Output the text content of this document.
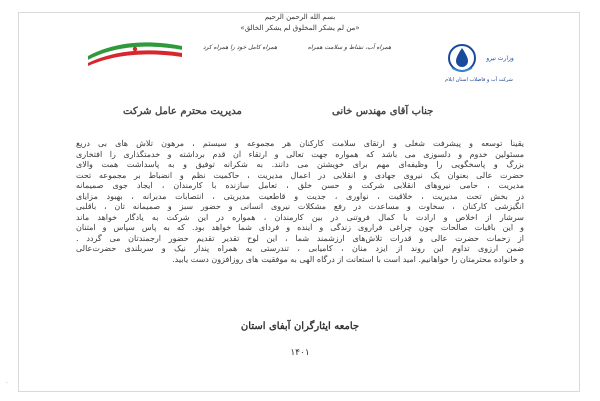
بسم الله الرحمن الرحیم
«من لم یشکر المخلوق لم یشکر الخالق»
همراه کامل خود را همراه کرد	همراه آب، نشاط و سلامت همراه
وزارت نیرو
شرکت آب و فاضلاب استان ایلام
مدیریت محترم عامل شرکت	جناب آقای مهندس خانی
یقیناً توسعه و پیشرفت شغلی و ارتقای سلامت کارکنان هر مجموعه و سیستم ، مرهون تلاش های بی دریغ
مسئولین خدوم و دلسوزی می باشد که همواره جهت تعالی و ارتقاء آن قدم برداشته و خدمتگذاری را افتخاری
بزرگ و پاسخگویی را وظیفه‌ای مهم برای خویشتن می دانند. به شکرانه توفیق و به پاسداشت همت والای
حضرت عالی بعنوان یک نیروی جهادی و انقلابی در اعمال مدیریت ، حاکمیت نظم و انضباط بر مجموعه تحت
مدیریت ، حامی نیروهای انقلابی شرکت و حسن خلق ، تعامل سازنده با کارمندان ، ایجاد جوی صمیمانه
در بخش تحت مدیریت ، خلاقیت ، نوآوری ، جدیت و قاطعیت مدیریتی ، انتصابات مدبرانه ، بهبود مزایای
انگیزشی کارکنان ، سخاوت و مساعدت در رفع مشکلات نیروی انسانی و حضور سبز و صمیمانه تان ، باقلبی
سرشار از اخلاص و ارادت با کمال فروتنی در بین کارمندان ، همواره در این شرکت به یادگار خواهد ماند
و این باقیات صالحات چون چراغی فراروی زندگی و آینده و فردای شما خواهد بود. که به پاس سپاس و امتنان
از زحمات حضرت عالی و قدرات تلاش‌های ارزشمند شما ، این لوح تقدیر تقدیم حضور ارجمندتان می گردد .
ضمن آرزوی تداوم این روند از ایزد منان ، کامیابی ، تندرستی به همراه پندار نیک و سربلندی حضرت‌عالی
و خانواده محترمتان را خواهانیم. امید است با استعانت از درگاه الهی به موفقیت های روزافزون دست یابید.
جامعه ایثارگران آبفای استان
۱۴۰۱
·
